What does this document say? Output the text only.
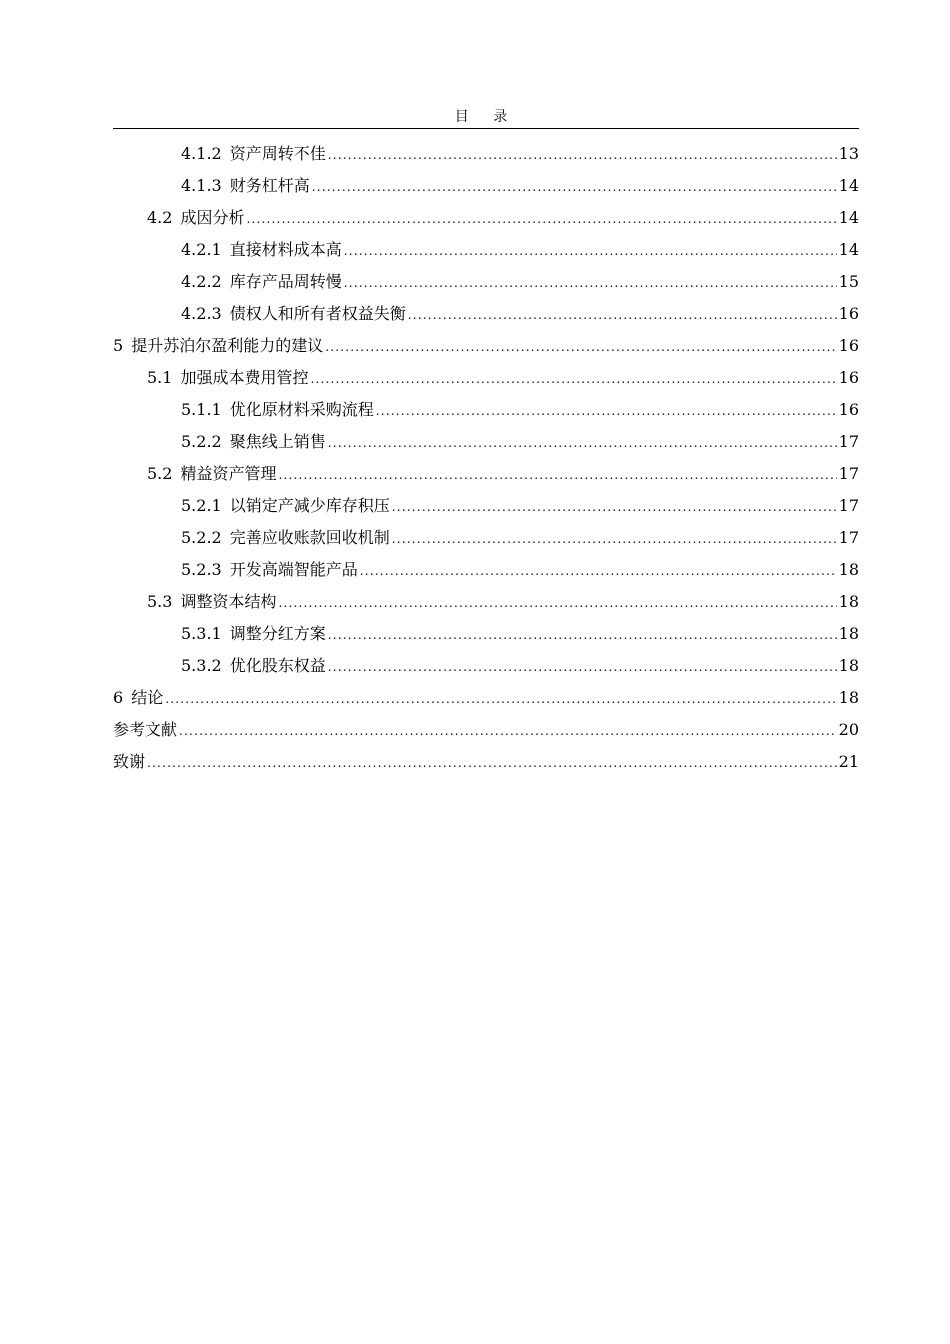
目 录
4.1.2 资产周转不佳 .....	13
4.1.3 财务杠杆高 .....	14
4.2 成因分析 .....	14
4.2.1 直接材料成本高 .....	14
4.2.2 库存产品周转慢 .....	15
4.2.3 债权人和所有者权益失衡 .....	16
5 提升苏泊尔盈利能力的建议 .....	16
5.1 加强成本费用管控 .....	16
5.1.1 优化原材料采购流程 .....	16
5.2.2 聚焦线上销售 .....	17
5.2 精益资产管理 .....	17
5.2.1 以销定产减少库存积压 .....	17
5.2.2 完善应收账款回收机制 .....	17
5.2.3 开发高端智能产品 .....	18
5.3 调整资本结构 .....	18
5.3.1 调整分红方案 .....	18
5.3.2 优化股东权益 .....	18
6 结论 .....	18
参考文献 .....	20
致谢 .....	21
